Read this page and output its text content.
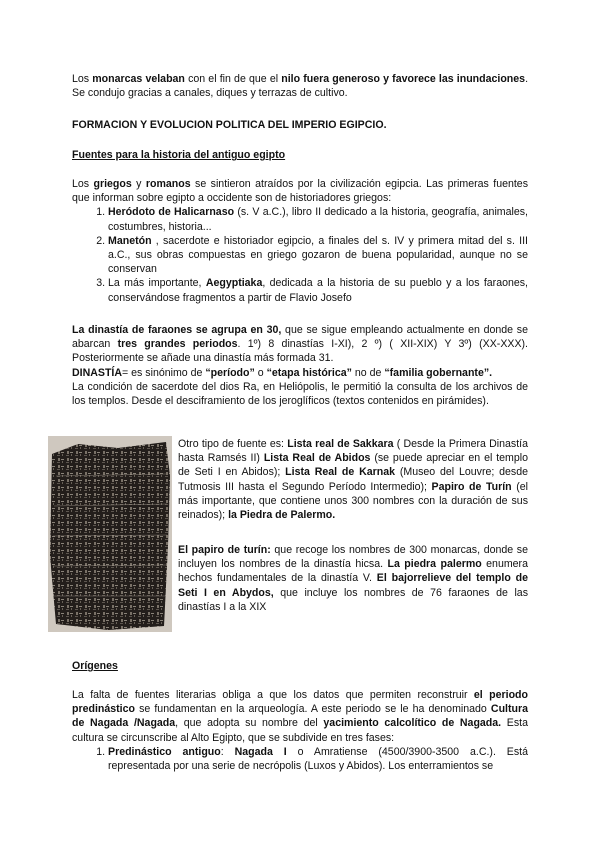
Los monarcas velaban con el fin de que el nilo fuera generoso y favorece las inundaciones. Se condujo gracias a canales, diques y terrazas de cultivo.

FORMACION Y EVOLUCION POLITICA DEL IMPERIO EGIPCIO.

Fuentes para la historia del antiguo egipto

Los griegos y romanos se sintieron atraídos por la civilización egipcia. Las primeras fuentes que informan sobre egipto a occidente son de historiadores griegos:

1. Heródoto de Halicarnaso (s. V a.C.), libro II dedicado a la historia, geografía, animales, costumbres, historia...
2. Manetón , sacerdote e historiador egipcio, a finales del s. IV y primera mitad del s. III a.C., sus obras compuestas en griego gozaron de buena popularidad, aunque no se conservan
3. La más importante, Aegyptiaka, dedicada a la historia de su pueblo y a los faraones, conservándose fragmentos a partir de Flavio Josefo

La dinastía de faraones se agrupa en 30, que se sigue empleando actualmente en donde se abarcan tres grandes periodos. 1º) 8 dinastías I-XI), 2 º) ( XII-XIX) Y 3º) (XX-XXX). Posteriormente se añade una dinastía más formada 31.

DINASTÍA= es sinónimo de “período” o “etapa histórica” no de “familia gobernante”.

La condición de sacerdote del dios Ra, en Heliópolis, le permitió la consulta de los archivos de los templos. Desde el desciframiento de los jeroglíficos (textos contenidos en pirámides).

Otro tipo de fuente es: Lista real de Sakkara ( Desde la Primera Dinastía hasta Ramsés II) Lista Real de Abidos (se puede apreciar en el templo de Seti I en Abidos); Lista Real de Karnak (Museo del Louvre; desde Tutmosis III hasta el Segundo Período Intermedio); Papiro de Turín (el más importante, que contiene unos 300 nombres con la duración de sus reinados); la Piedra de Palermo.

El papiro de turín: que recoge los nombres de 300 monarcas, donde se incluyen los nombres de la dinastía hicsa. La piedra palermo enumera hechos fundamentales de la dinastía V. El bajorrelieve del templo de Seti I en Abydos, que incluye los nombres de 76 faraones de las dinastías I a la XIX

Orígenes

La falta de fuentes literarias obliga a que los datos que permiten reconstruir el periodo predinástico se fundamentan en la arqueología. A este periodo se le ha denominado Cultura de Nagada /Nagada, que adopta su nombre del yacimiento calcolítico de Nagada. Esta cultura se circunscribe al Alto Egipto, que se subdivide en tres fases:

1. Predinástico antiguo: Nagada I o Amratiense (4500/3900-3500 a.C.). Está representada por una serie de necrópolis (Luxos y Abidos). Los enterramientos se
